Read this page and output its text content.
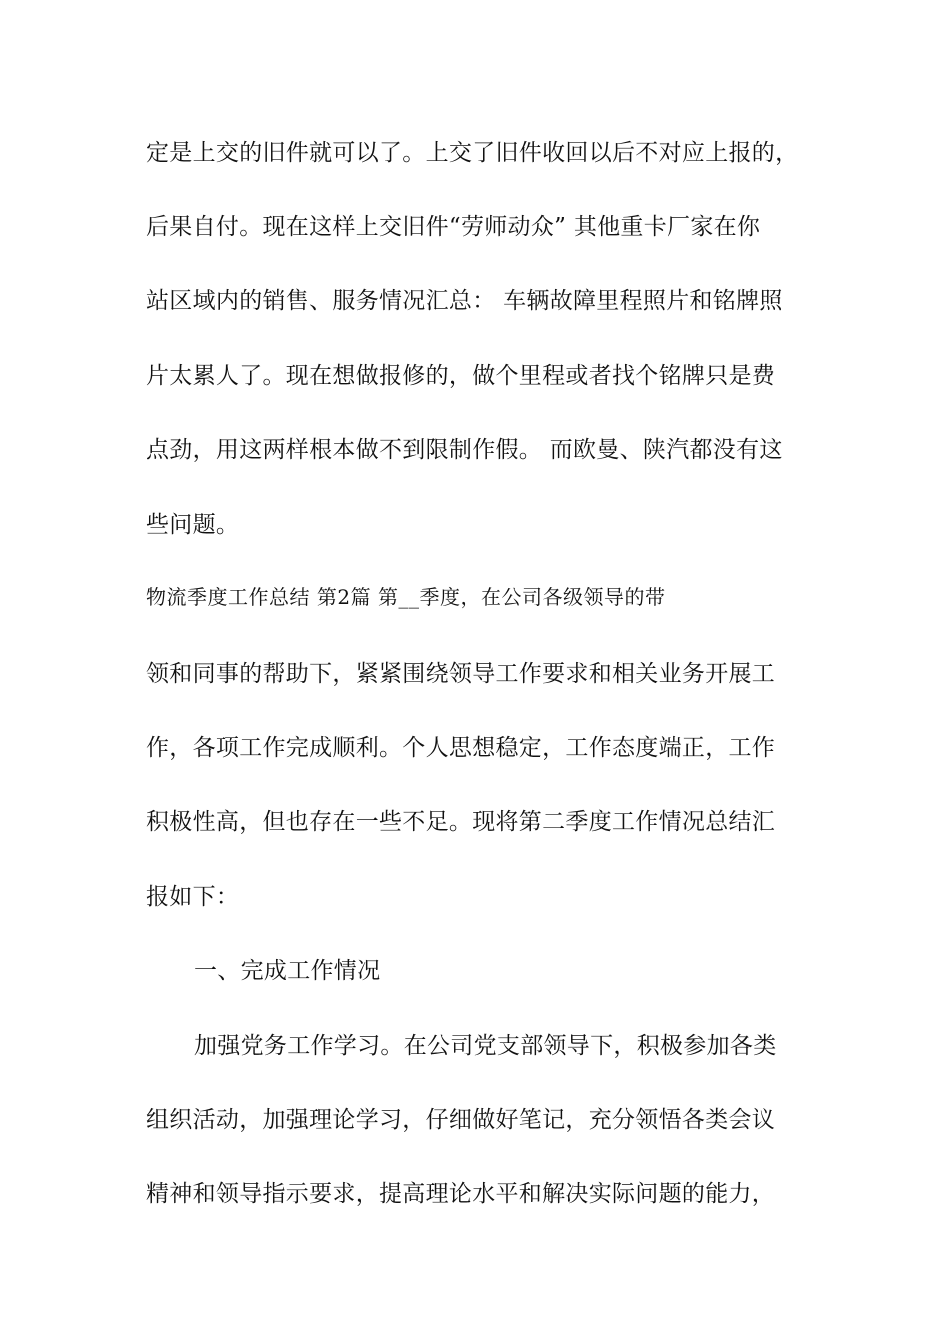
定是上交的旧件就可以了。上交了旧件收回以后不对应上报的，
后果自付。现在这样上交旧件“劳师动众” 其他重卡厂家在你
站区域内的销售、服务情况汇总： 车辆故障里程照片和铭牌照
片太累人了。现在想做报修的，做个里程或者找个铭牌只是费
点劲，用这两样根本做不到限制作假。 而欧曼、陕汽都没有这
些问题。
物流季度工作总结 第2篇 第__季度，在公司各级领导的带
领和同事的帮助下，紧紧围绕领导工作要求和相关业务开展工
作，各项工作完成顺利。个人思想稳定，工作态度端正，工作
积极性高，但也存在一些不足。现将第二季度工作情况总结汇
报如下：
一、完成工作情况
加强党务工作学习。在公司党支部领导下，积极参加各类
组织活动，加强理论学习，仔细做好笔记，充分领悟各类会议
精神和领导指示要求，提高理论水平和解决实际问题的能力，
